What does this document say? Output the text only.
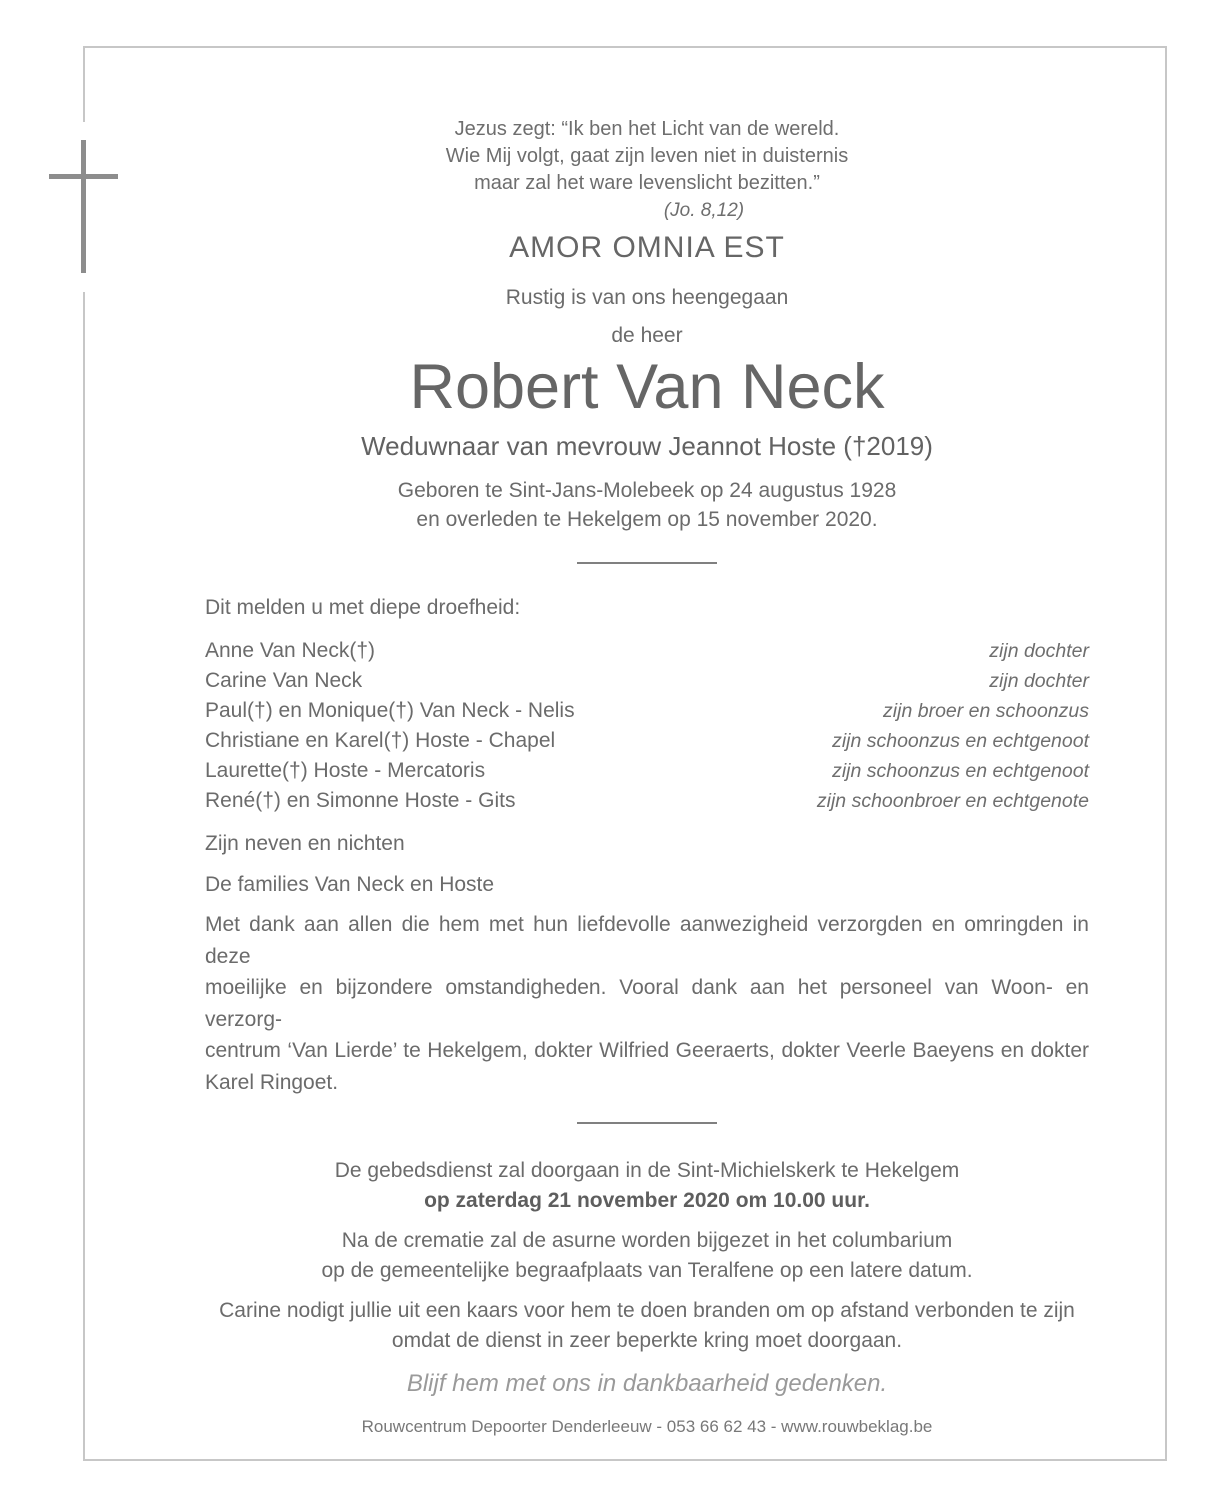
Jezus zegt: “Ik ben het Licht van de wereld.
Wie Mij volgt, gaat zijn leven niet in duisternis
maar zal het ware levenslicht bezitten.”
(Jo. 8,12)
AMOR OMNIA EST
Rustig is van ons heengegaan
de heer
Robert Van Neck
Weduwnaar van mevrouw Jeannot Hoste (†2019)
Geboren te Sint-Jans-Molebeek op 24 augustus 1928
en overleden te Hekelgem op 15 november 2020.
Dit melden u met diepe droefheid:
Anne Van Neck(†)	zijn dochter
Carine Van Neck	zijn dochter
Paul(†) en Monique(†) Van Neck - Nelis	zijn broer en schoonzus
Christiane en Karel(†) Hoste - Chapel	zijn schoonzus en echtgenoot
Laurette(†) Hoste - Mercatoris	zijn schoonzus en echtgenoot
René(†) en Simonne Hoste - Gits	zijn schoonbroer en echtgenote
Zijn neven en nichten
De families Van Neck en Hoste
Met dank aan allen die hem met hun liefdevolle aanwezigheid verzorgden en omringden in deze
moeilijke en bijzondere omstandigheden. Vooral dank aan het personeel van Woon- en verzorg-
centrum ‘Van Lierde’ te Hekelgem, dokter Wilfried Geeraerts, dokter Veerle Baeyens en dokter
Karel Ringoet.
De gebedsdienst zal doorgaan in de Sint-Michielskerk te Hekelgem
op zaterdag 21 november 2020 om 10.00 uur.
Na de crematie zal de asurne worden bijgezet in het columbarium
op de gemeentelijke begraafplaats van Teralfene op een latere datum.
Carine nodigt jullie uit een kaars voor hem te doen branden om op afstand verbonden te zijn
omdat de dienst in zeer beperkte kring moet doorgaan.
Blijf hem met ons in dankbaarheid gedenken.
Rouwcentrum Depoorter Denderleeuw - 053 66 62 43 - www.rouwbeklag.be
